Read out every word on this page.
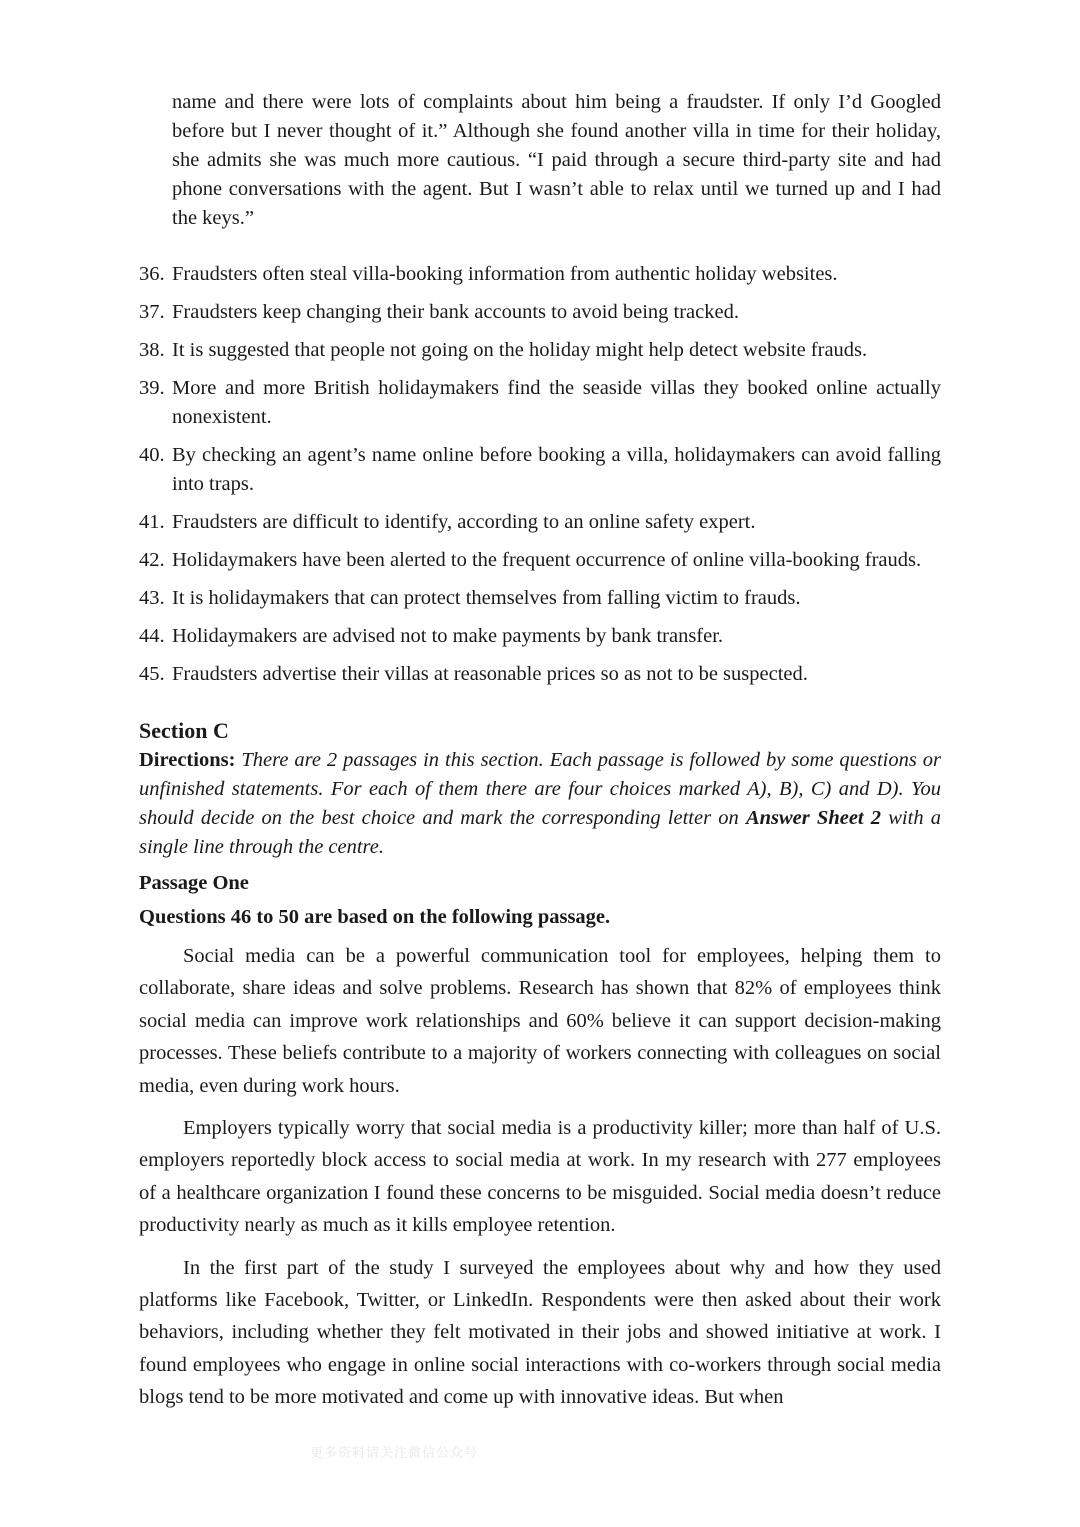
name and there were lots of complaints about him being a fraudster. If only I’d Googled before but I never thought of it.” Although she found another villa in time for their holiday, she admits she was much more cautious. “I paid through a secure third-party site and had phone conversations with the agent. But I wasn’t able to relax until we turned up and I had the keys.”

36. Fraudsters often steal villa-booking information from authentic holiday websites.
37. Fraudsters keep changing their bank accounts to avoid being tracked.
38. It is suggested that people not going on the holiday might help detect website frauds.
39. More and more British holidaymakers find the seaside villas they booked online actually nonexistent.
40. By checking an agent’s name online before booking a villa, holidaymakers can avoid falling into traps.
41. Fraudsters are difficult to identify, according to an online safety expert.
42. Holidaymakers have been alerted to the frequent occurrence of online villa-booking frauds.
43. It is holidaymakers that can protect themselves from falling victim to frauds.
44. Holidaymakers are advised not to make payments by bank transfer.
45. Fraudsters advertise their villas at reasonable prices so as not to be suspected.
Section C

Directions: There are 2 passages in this section. Each passage is followed by some questions or unfinished statements. For each of them there are four choices marked A), B), C) and D). You should decide on the best choice and mark the corresponding letter on Answer Sheet 2 with a single line through the centre.

Passage One
Questions 46 to 50 are based on the following passage.

Social media can be a powerful communication tool for employees, helping them to collaborate, share ideas and solve problems. Research has shown that 82% of employees think social media can improve work relationships and 60% believe it can support decision-making processes. These beliefs contribute to a majority of workers connecting with colleagues on social media, even during work hours.

Employers typically worry that social media is a productivity killer; more than half of U.S. employers reportedly block access to social media at work. In my research with 277 employees of a healthcare organization I found these concerns to be misguided. Social media doesn’t reduce productivity nearly as much as it kills employee retention.

In the first part of the study I surveyed the employees about why and how they used platforms like Facebook, Twitter, or LinkedIn. Respondents were then asked about their work behaviors, including whether they felt motivated in their jobs and showed initiative at work. I found employees who engage in online social interactions with co-workers through social media blogs tend to be more motivated and come up with innovative ideas. But when

更多资料请关注微信公众号
